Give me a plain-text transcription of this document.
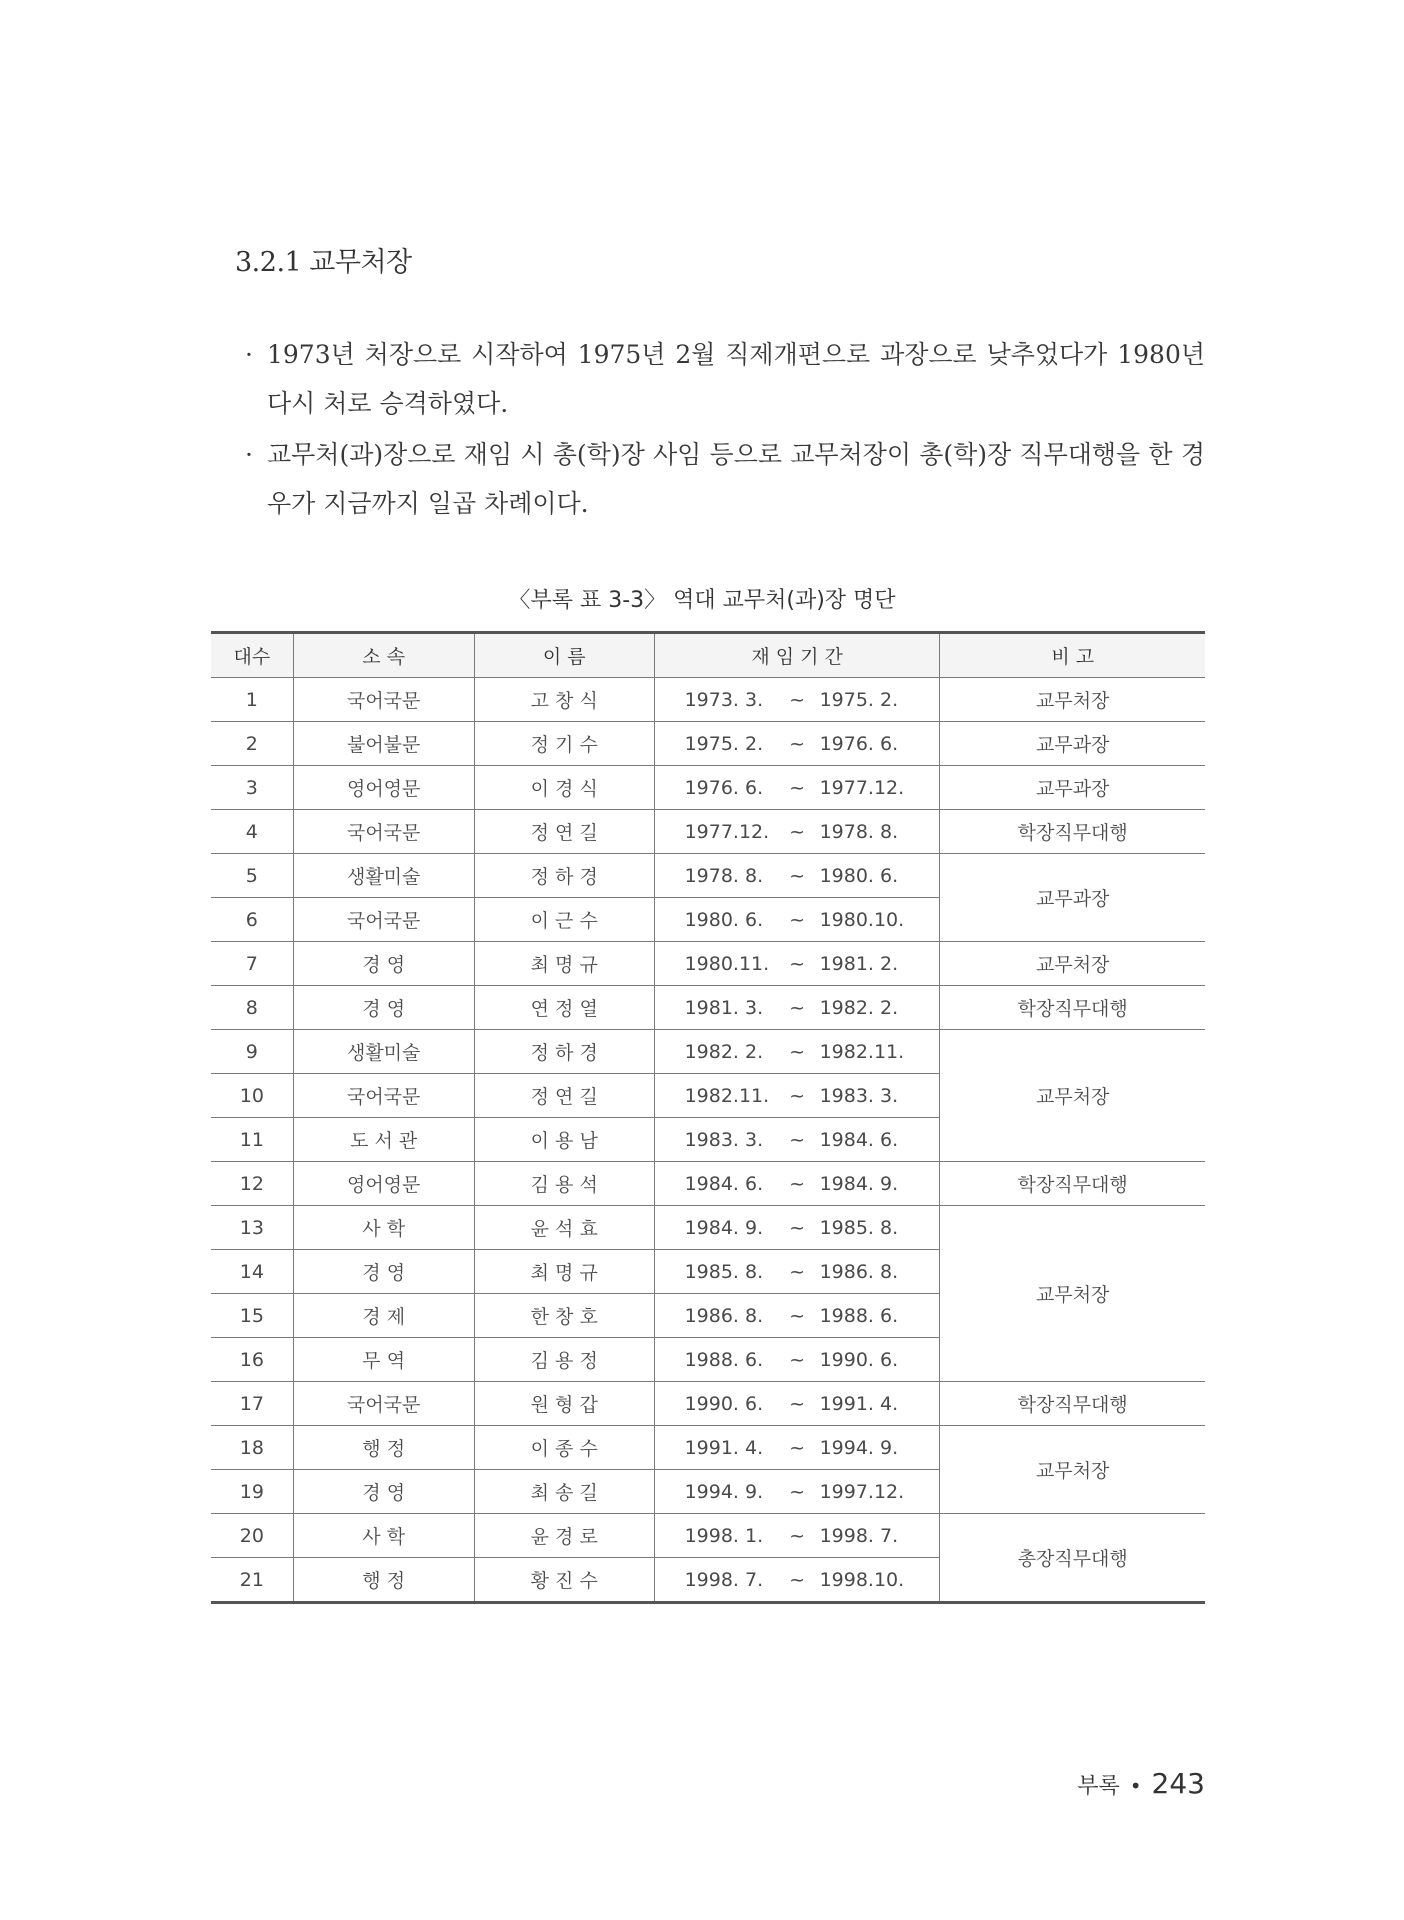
3.2.1 교무처장
· 1973년 처장으로 시작하여 1975년 2월 직제개편으로 과장으로 낮추었다가 1980년 다시 처로 승격하였다.
· 교무처(과)장으로 재임 시 총(학)장 사임 등으로 교무처장이 총(학)장 직무대행을 한 경우가 지금까지 일곱 차례이다.
〈부록 표 3-3〉 역대 교무처(과)장 명단
대수	소 속	이 름	재 임 기 간	비 고
1	국어국문	고 창 식	1973. 3. ~ 1975. 2.	교무처장
2	불어불문	정 기 수	1975. 2. ~ 1976. 6.	교무과장
3	영어영문	이 경 식	1976. 6. ~ 1977.12.	교무과장
4	국어국문	정 연 길	1977.12. ~ 1978. 8.	학장직무대행
5	생활미술	정 하 경	1978. 8. ~ 1980. 6.	교무과장
6	국어국문	이 근 수	1980. 6. ~ 1980.10.	
7	경 영	최 명 규	1980.11. ~ 1981. 2.	교무처장
8	경 영	연 정 열	1981. 3. ~ 1982. 2.	학장직무대행
9	생활미술	정 하 경	1982. 2. ~ 1982.11.	교무처장
10	국어국문	정 연 길	1982.11. ~ 1983. 3.	
11	도 서 관	이 용 남	1983. 3. ~ 1984. 6.	
12	영어영문	김 용 석	1984. 6. ~ 1984. 9.	학장직무대행
13	사 학	윤 석 효	1984. 9. ~ 1985. 8.	교무처장
14	경 영	최 명 규	1985. 8. ~ 1986. 8.	
15	경 제	한 창 호	1986. 8. ~ 1988. 6.	
16	무 역	김 용 정	1988. 6. ~ 1990. 6.	
17	국어국문	원 형 갑	1990. 6. ~ 1991. 4.	학장직무대행
18	행 정	이 종 수	1991. 4. ~ 1994. 9.	교무처장
19	경 영	최 송 길	1994. 9. ~ 1997.12.	
20	사 학	윤 경 로	1998. 1. ~ 1998. 7.	총장직무대행
21	행 정	황 진 수	1998. 7. ~ 1998.10.	
부록 • 243
